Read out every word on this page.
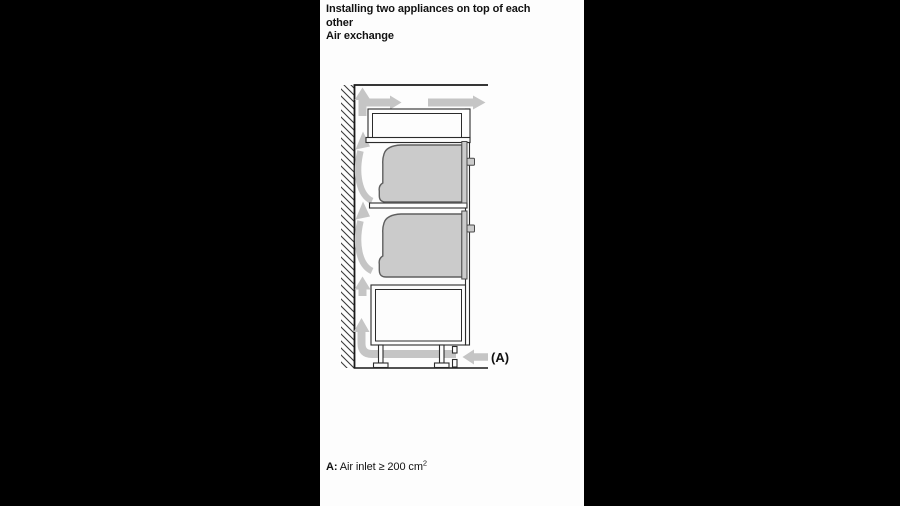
Installing two appliances on top of each
other
Air exchange
(A)

A: Air inlet ≥ 200 $cm^2$
